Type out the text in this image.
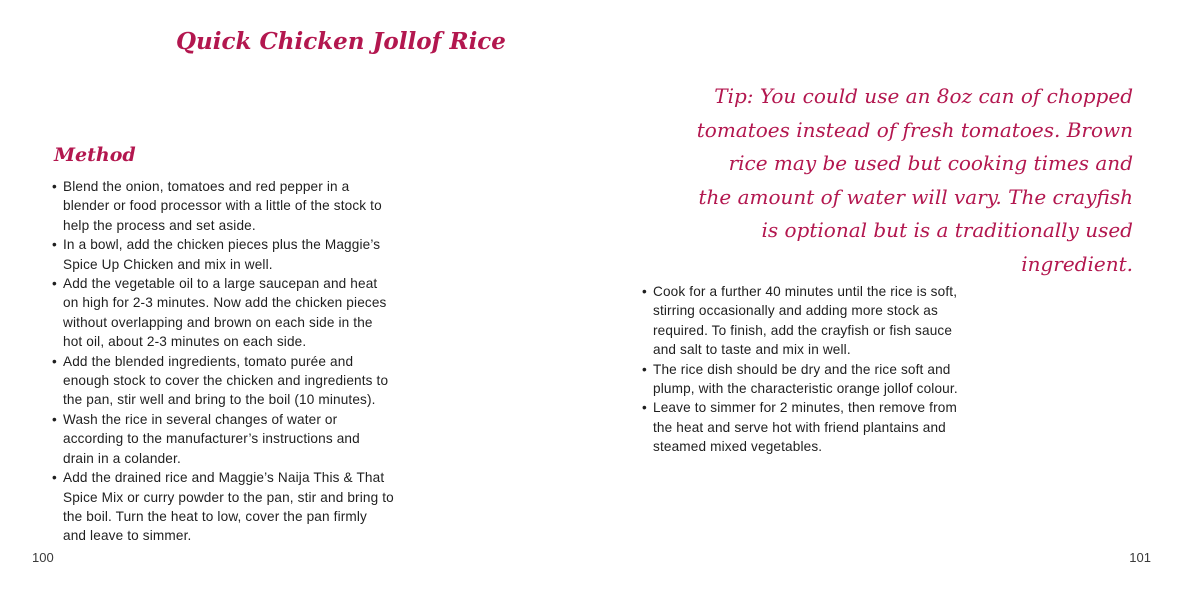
Quick Chicken Jollof Rice
Method
• Blend the onion, tomatoes and red pepper in a blender or food processor with a little of the stock to help the process and set aside.
• In a bowl, add the chicken pieces plus the Maggie’s Spice Up Chicken and mix in well.
• Add the vegetable oil to a large saucepan and heat on high for 2-3 minutes. Now add the chicken pieces without overlapping and brown on each side in the hot oil, about 2-3 minutes on each side.
• Add the blended ingredients, tomato purée and enough stock to cover the chicken and ingredients to the pan, stir well and bring to the boil (10 minutes).
• Wash the rice in several changes of water or according to the manufacturer’s instructions and drain in a colander.
• Add the drained rice and Maggie’s Naija This & That Spice Mix or curry powder to the pan, stir and bring to the boil. Turn the heat to low, cover the pan firmly and leave to simmer.
100
Tip: You could use an 8oz can of chopped tomatoes instead of fresh tomatoes. Brown rice may be used but cooking times and the amount of water will vary. The crayfish is optional but is a traditionally used ingredient.
• Cook for a further 40 minutes until the rice is soft, stirring occasionally and adding more stock as required. To finish, add the crayfish or fish sauce and salt to taste and mix in well.
• The rice dish should be dry and the rice soft and plump, with the characteristic orange jollof colour.
• Leave to simmer for 2 minutes, then remove from the heat and serve hot with friend plantains and steamed mixed vegetables.
101
